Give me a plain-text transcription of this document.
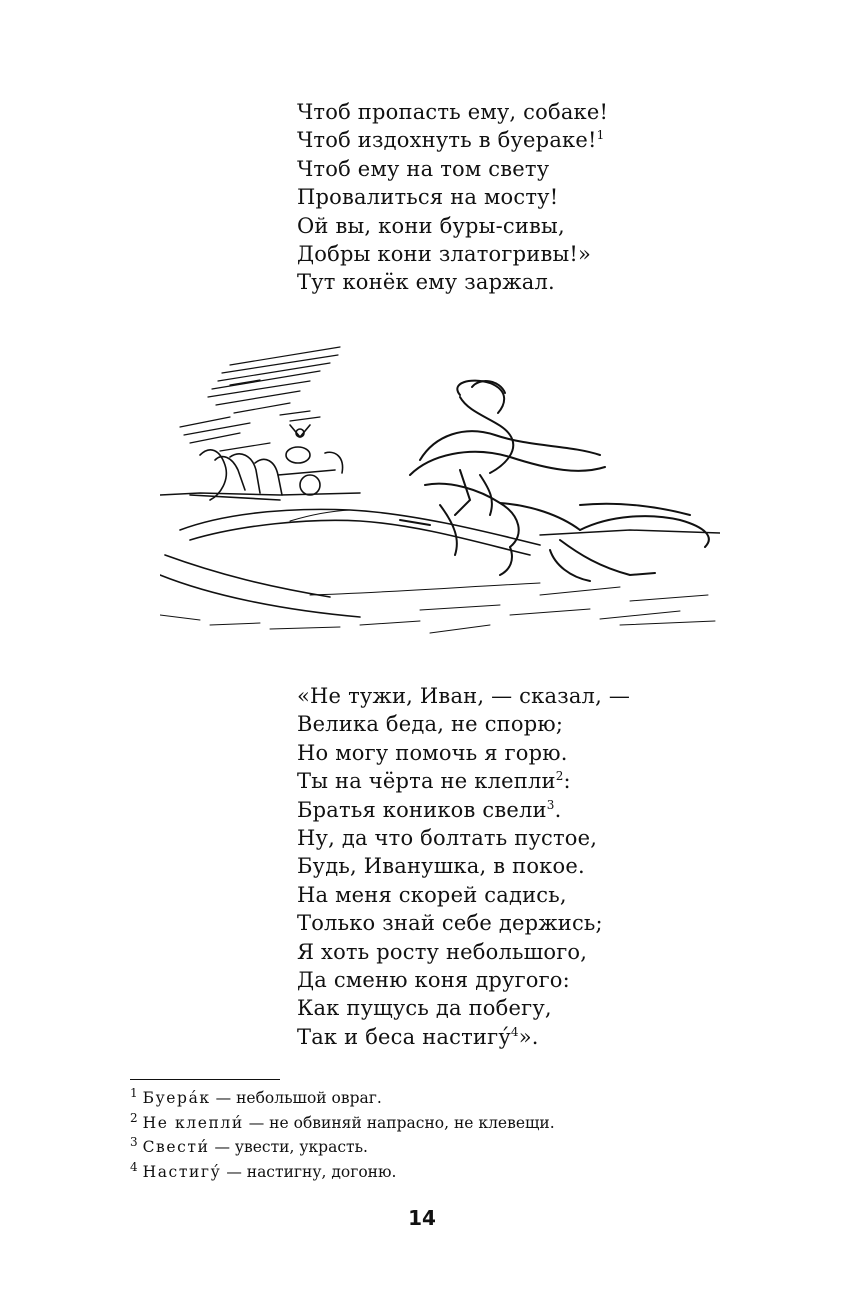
Чтоб пропасть ему, собаке!
Чтоб издохнуть в буераке!$^1$
Чтоб ему на том свету
Провалиться на мосту!
Ой вы, кони буры-сивы,
Добры кони златогривы!»
Тут конёк ему заржал.
«Не тужи, Иван, — сказал, —
Велика беда, не спорю;
Но могу помочь я горю.
Ты на чёрта не клепли$^2$:
Братья коников свели$^3$.
Ну, да что болтать пустое,
Будь, Иванушка, в покое.
На меня скорей садись,
Только знай себе держись;
Я хоть росту небольшого,
Да сменю коня другого:
Как пущусь да побегу,
Так и беса настигу́$^4$».
$^1$ Буера́к — небольшой овраг.
$^2$ Не клепли́ — не обвиняй напрасно, не клевещи.
$^3$ Свести́ — увести, украсть.
$^4$ Настигу́ — настигну, догоню.
14
